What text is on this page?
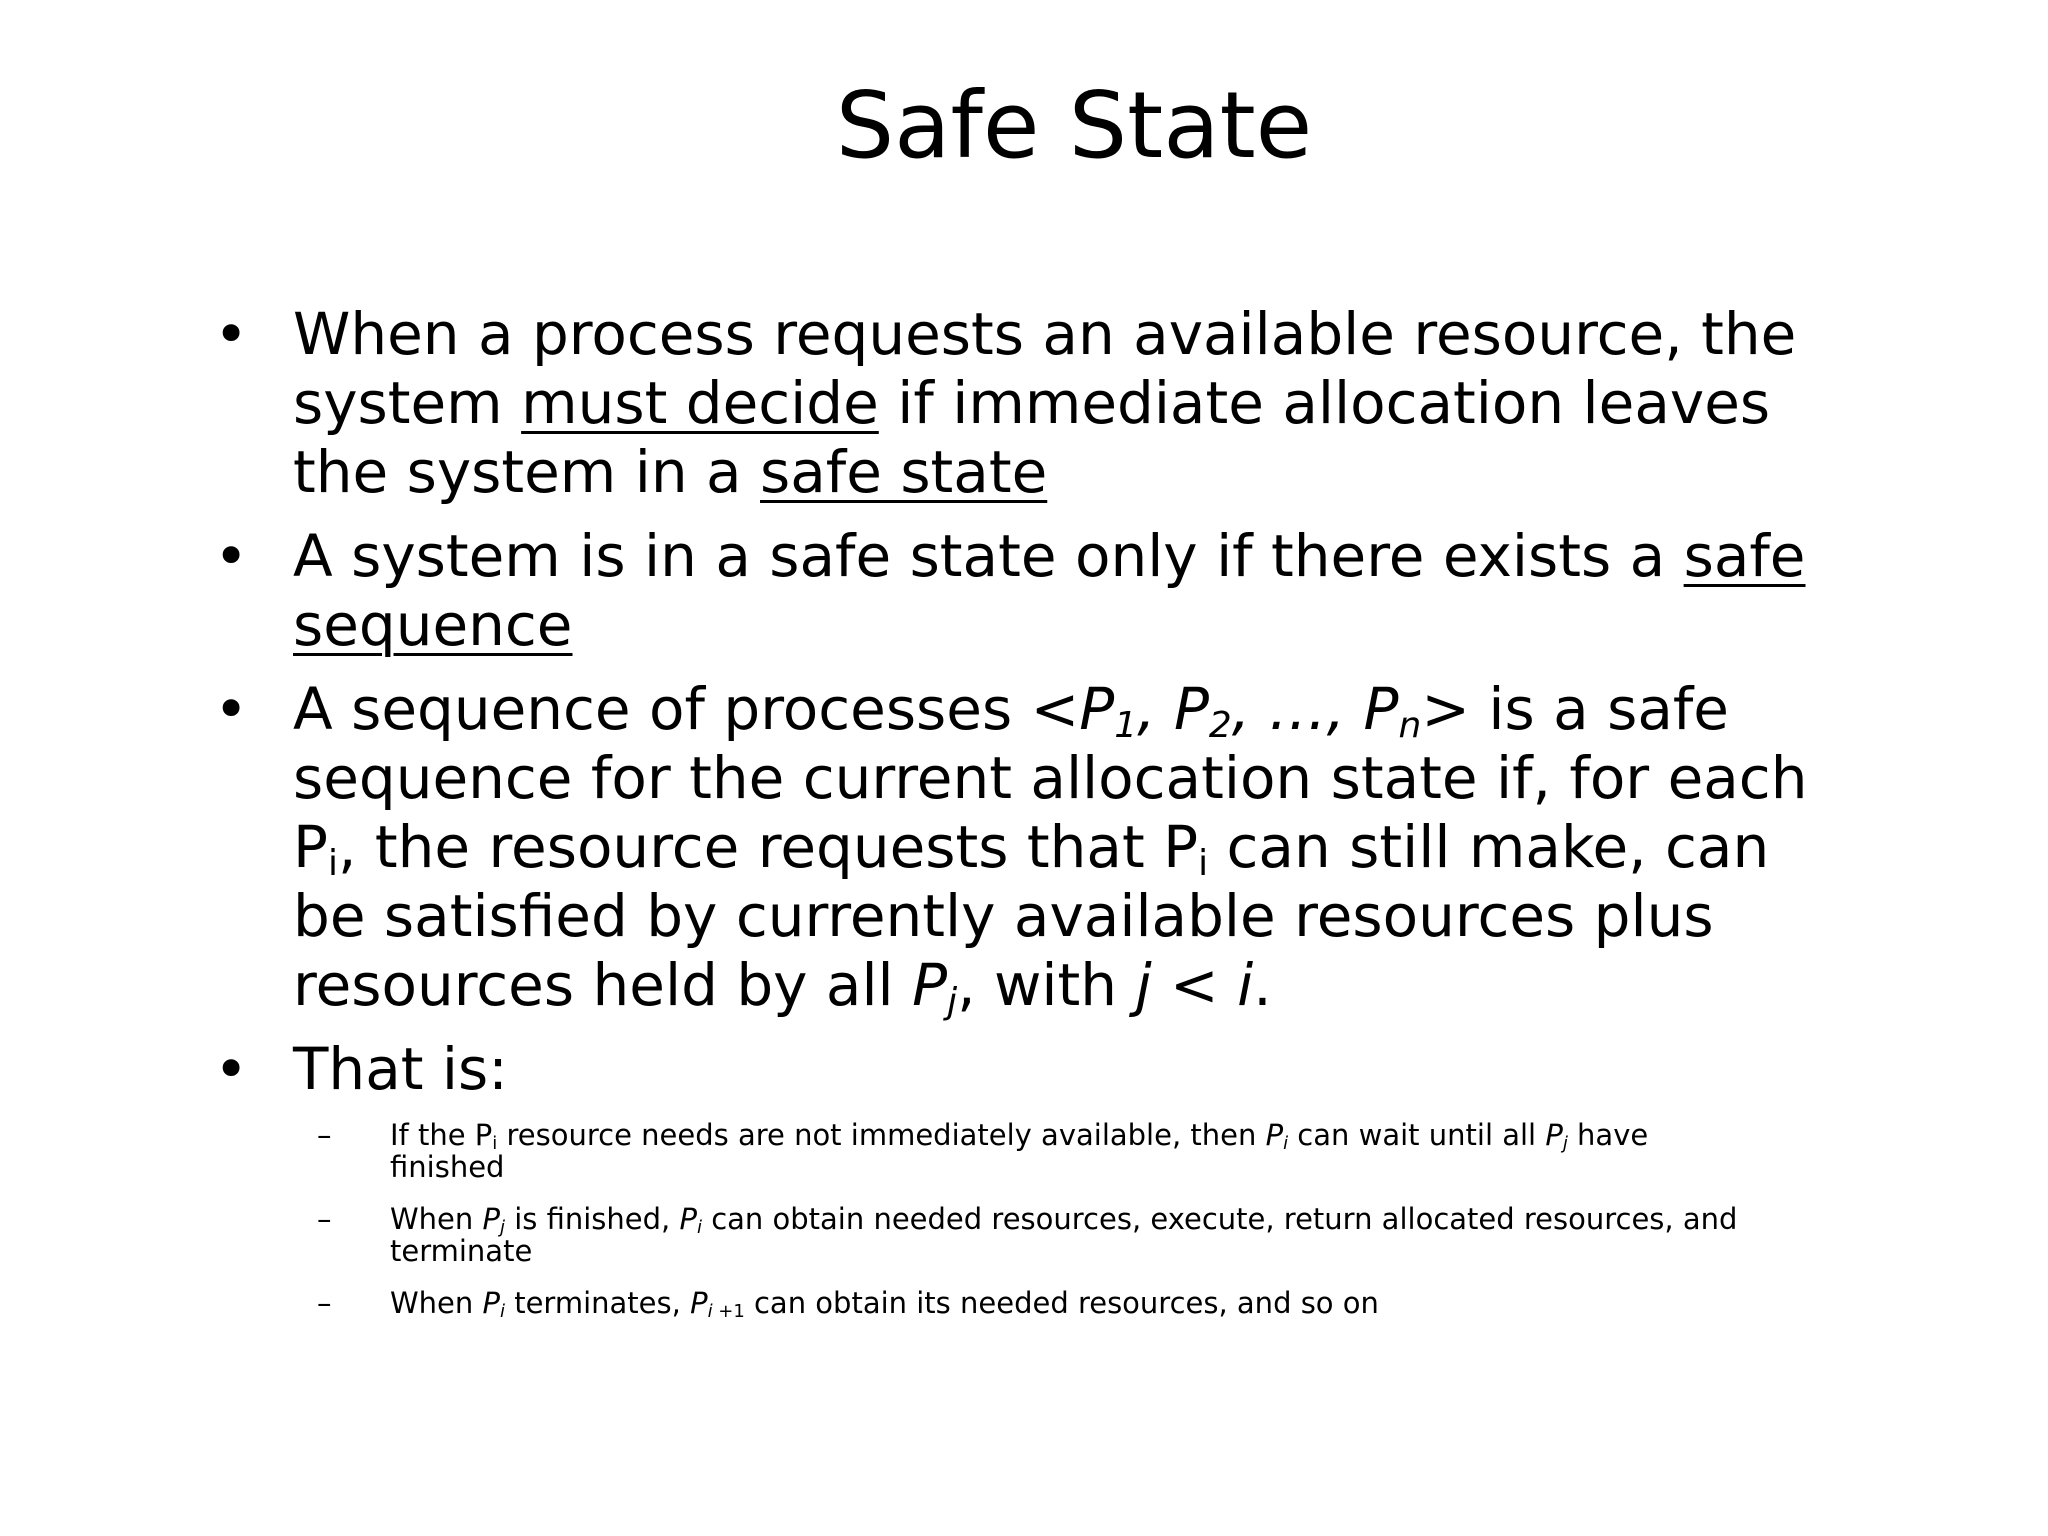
Safe State
• When a process requests an available resource, the system must decide if immediate allocation leaves the system in a safe state
• A system is in a safe state only if there exists a safe sequence
• A sequence of processes $<P_1$, $P_2$, …, $P_n>$ is a safe sequence for the current allocation state if, for each $P_i$, the resource requests that $P_i$ can still make, can be satisfied by currently available resources plus resources held by all $P_j$, with j < i.
• That is:
–	If the $P_i$ resource needs are not immediately available, then $P_i$ can wait until all $P_j$ have finished
–	When $P_j$ is finished, $P_i$ can obtain needed resources, execute, return allocated resources, and terminate
–	When $P_i$ terminates, $P_{i +1}$ can obtain its needed resources, and so on
